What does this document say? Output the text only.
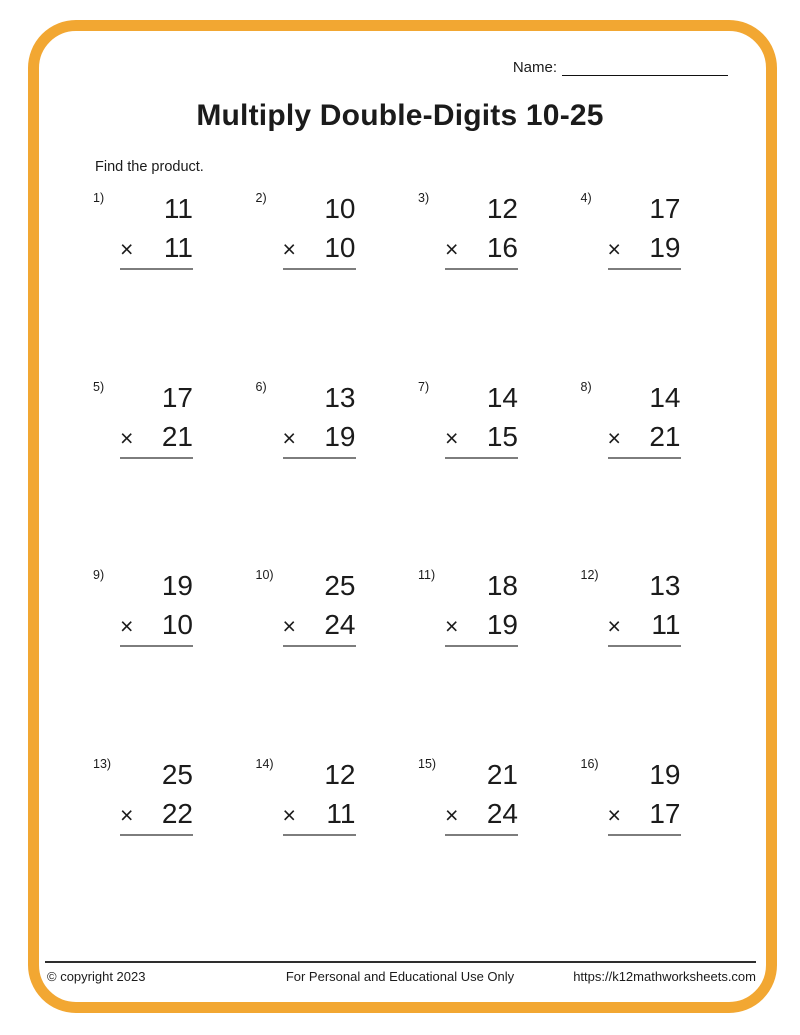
Name:
Multiply Double-Digits 10-25
Find the product.
1)	11
× 11
2)	10
× 10
3)	12
× 16
4)	17
× 19
5)	17
× 21
6)	13
× 19
7)	14
× 15
8)	14
× 21
9)	19
× 10
10)	25
× 24
11)	18
× 19
12)	13
× 11
13)	25
× 22
14)	12
× 11
15)	21
× 24
16)	19
× 17
© copyright 2023	For Personal and Educational Use Only	https://k12mathworksheets.com
